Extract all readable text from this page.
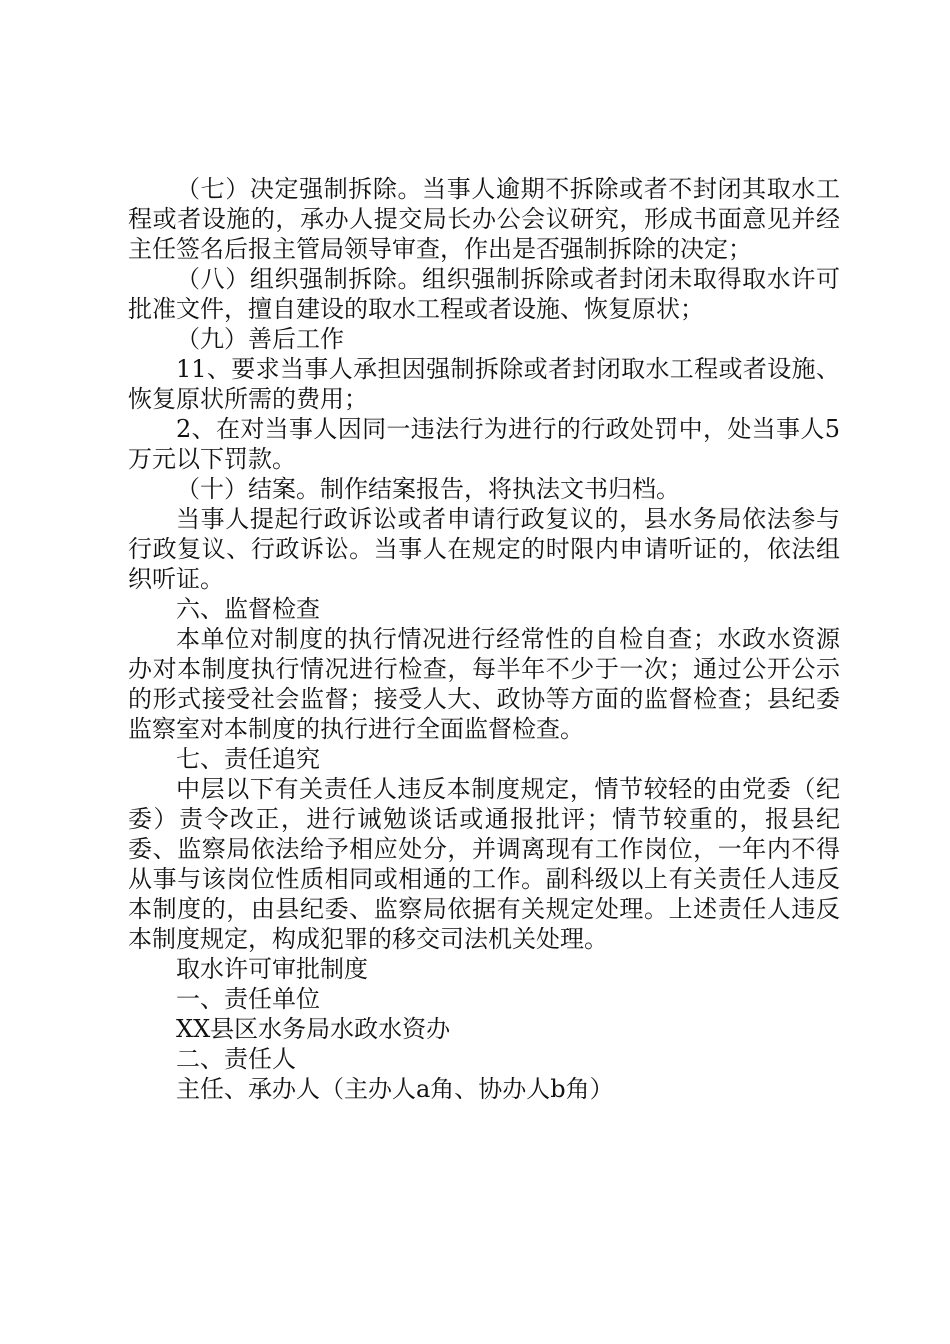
（七）决定强制拆除。当事人逾期不拆除或者不封闭其取水工程或者设施的，承办人提交局长办公会议研究，形成书面意见并经主任签名后报主管局领导审查，作出是否强制拆除的决定；

（八）组织强制拆除。组织强制拆除或者封闭未取得取水许可批准文件，擅自建设的取水工程或者设施、恢复原状；

（九）善后工作

11、要求当事人承担因强制拆除或者封闭取水工程或者设施、恢复原状所需的费用；

2、在对当事人因同一违法行为进行的行政处罚中，处当事人5万元以下罚款。

（十）结案。制作结案报告，将执法文书归档。

当事人提起行政诉讼或者申请行政复议的，县水务局依法参与行政复议、行政诉讼。当事人在规定的时限内申请听证的，依法组织听证。

六、监督检查

本单位对制度的执行情况进行经常性的自检自查；水政水资源办对本制度执行情况进行检查，每半年不少于一次；通过公开公示的形式接受社会监督；接受人大、政协等方面的监督检查；县纪委监察室对本制度的执行进行全面监督检查。

七、责任追究

中层以下有关责任人违反本制度规定，情节较轻的由党委（纪委）责令改正，进行诫勉谈话或通报批评；情节较重的，报县纪委、监察局依法给予相应处分，并调离现有工作岗位，一年内不得从事与该岗位性质相同或相通的工作。副科级以上有关责任人违反本制度的，由县纪委、监察局依据有关规定处理。上述责任人违反本制度规定，构成犯罪的移交司法机关处理。

取水许可审批制度

一、责任单位

XX县区水务局水政水资办

二、责任人

主任、承办人（主办人a角、协办人b角）
